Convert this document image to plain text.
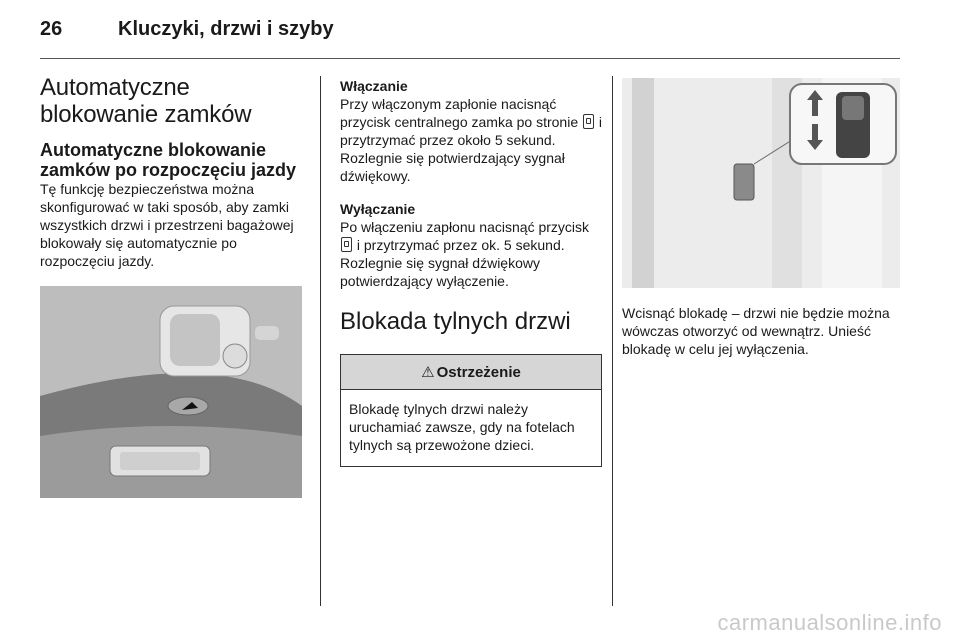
26	Kluczyki, drzwi i szyby
Automatyczne blokowanie zamków
Automatyczne blokowanie zamków po rozpoczęciu jazdy

Tę funkcję bezpieczeństwa można skonfigurować w taki sposób, aby zamki wszystkich drzwi i przestrzeni bagażowej blokowały się automatycznie po rozpoczęciu jazdy.

Włączanie

Przy włączonym zapłonie nacisnąć przycisk centralnego zamka po stronie i przytrzymać przez około 5 sekund. Rozlegnie się potwierdzający sygnał dźwiękowy.

Wyłączanie

Po włączeniu zapłonu nacisnąć przycisk  i przytrzymać przez ok. 5 sekund. Rozlegnie się sygnał dźwiękowy potwierdzający wyłączenie.

Blokada tylnych drzwi
⚠ Ostrzeżenie
Blokadę tylnych drzwi należy uruchamiać zawsze, gdy na fotelach tylnych są przewożone dzieci.

Wcisnąć blokadę – drzwi nie będzie można wówczas otworzyć od wewnątrz. Unieść blokadę w celu jej wyłączenia.

carmanualsonline.info
